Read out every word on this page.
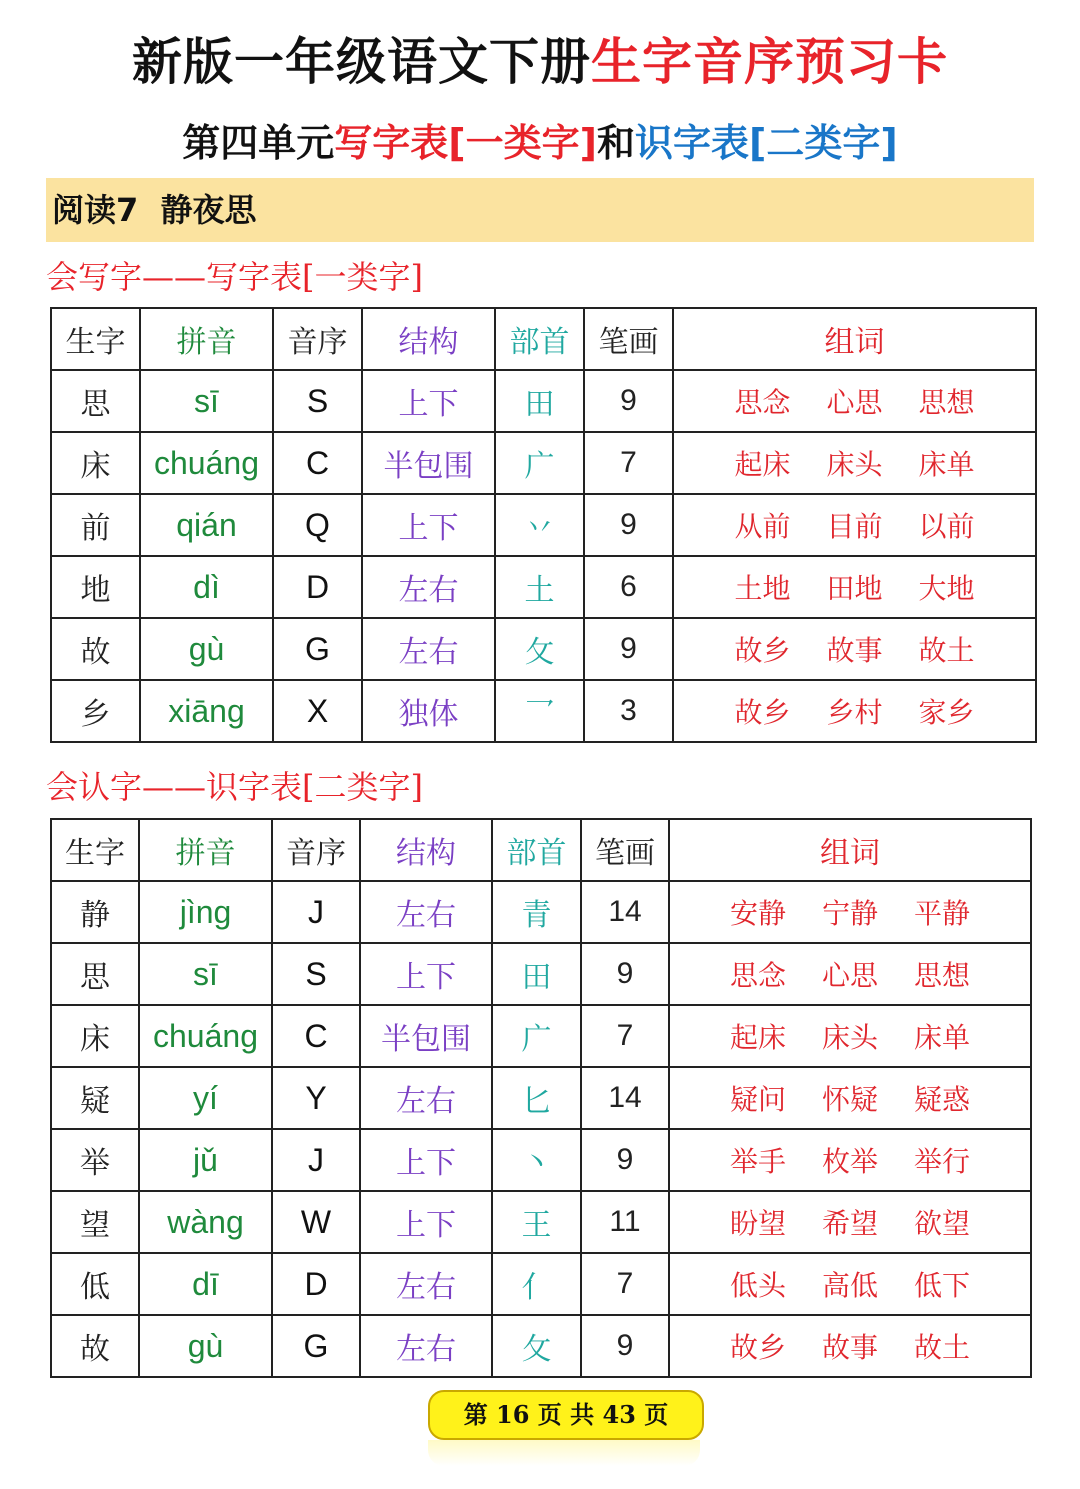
新版一年级语文下册生字音序预习卡
第四单元写字表[一类字]和识字表[二类字]
阅读7  静夜思
会写字——写字表[一类字]
生字	拼音	音序	结构	部首	笔画	组词
思	sī	S	上下	田	9	思念 心思 思想
床	chuáng	C	半包围	广	7	起床 床头 床单
前	qián	Q	上下	丷	9	从前 目前 以前
地	dì	D	左右	土	6	土地 田地 大地
故	gù	G	左右	攵	9	故乡 故事 故土
乡	xiāng	X	独体	乛	3	故乡 乡村 家乡
会认字——识字表[二类字]
生字	拼音	音序	结构	部首	笔画	组词
静	jìng	J	左右	青	14	安静 宁静 平静
思	sī	S	上下	田	9	思念 心思 思想
床	chuáng	C	半包围	广	7	起床 床头 床单
疑	yí	Y	左右	匕	14	疑问 怀疑 疑惑
举	jǔ	J	上下	丶	9	举手 枚举 举行
望	wàng	W	上下	王	11	盼望 希望 欲望
低	dī	D	左右	亻	7	低头 高低 低下
故	gù	G	左右	攵	9	故乡 故事 故土
第 16 页 共 43 页
